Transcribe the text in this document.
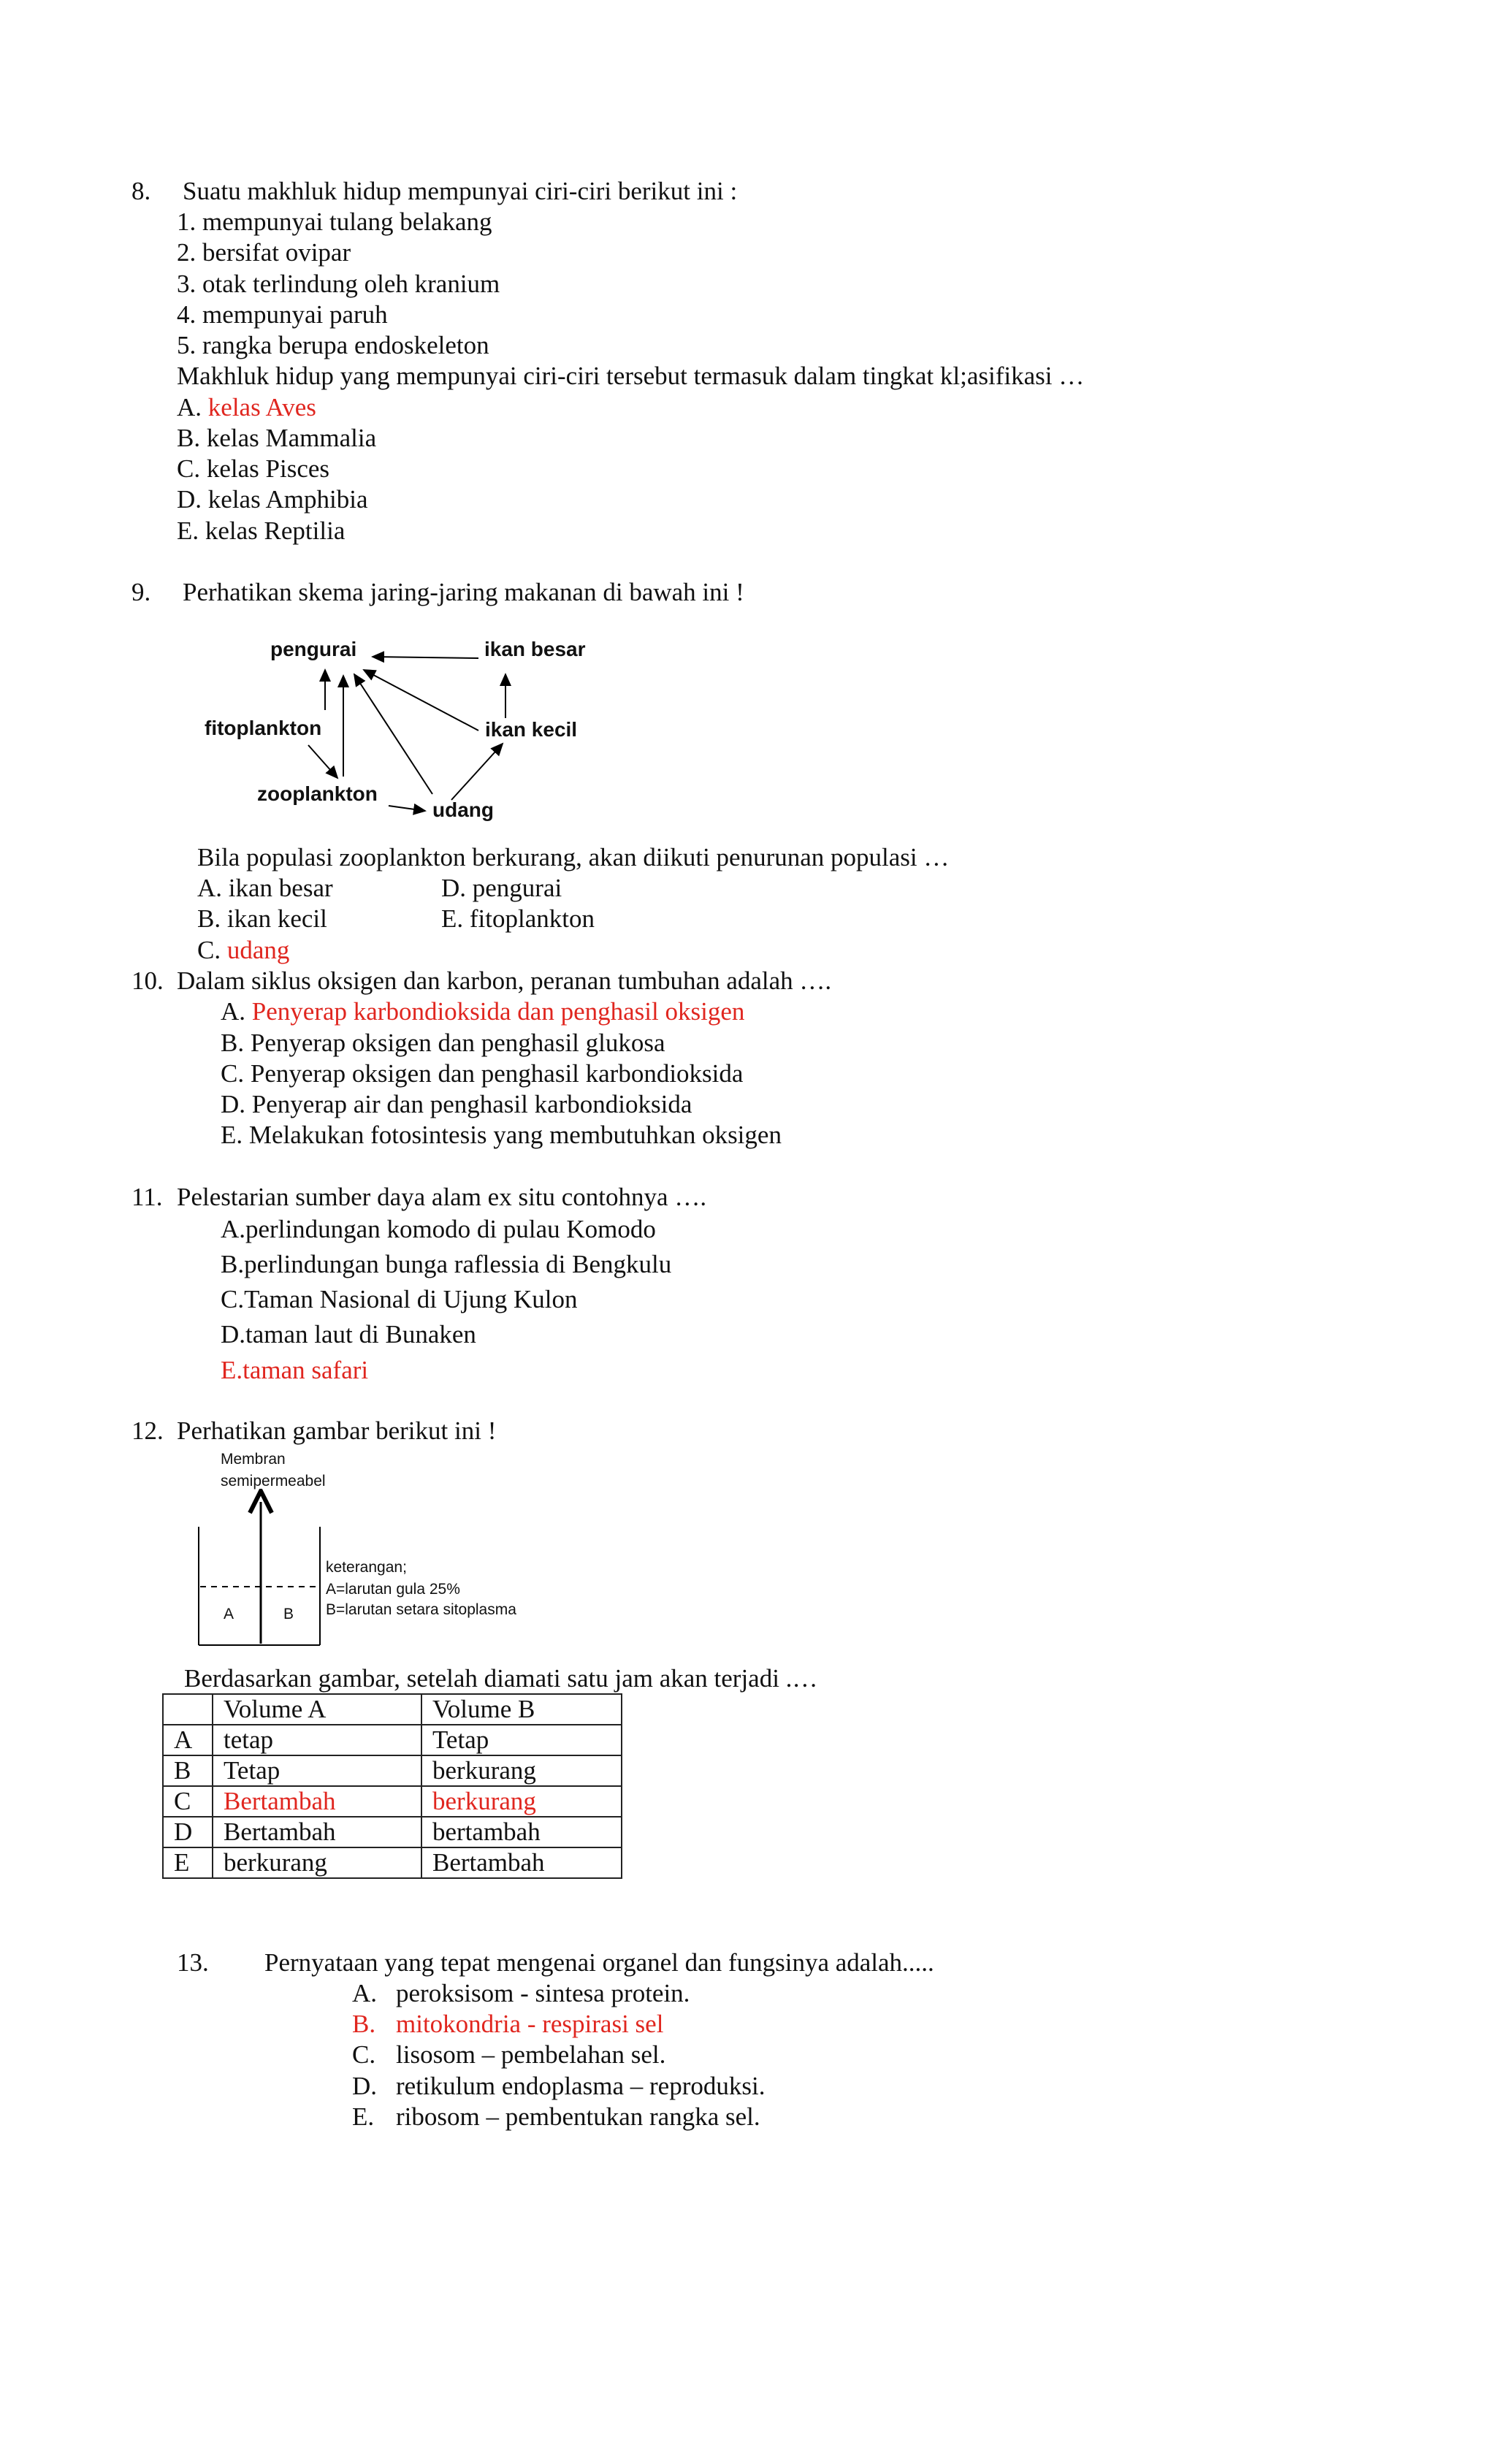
8. Suatu makhluk hidup mempunyai ciri-ciri berikut ini :
1. mempunyai tulang belakang
2. bersifat ovipar
3. otak terlindung oleh kranium
4. mempunyai paruh
5. rangka berupa endoskeleton
Makhluk hidup yang mempunyai ciri-ciri tersebut termasuk dalam tingkat kl;asifikasi …
A. kelas Aves
B. kelas Mammalia
C. kelas Pisces
D. kelas Amphibia
E. kelas Reptilia
9. Perhatikan skema jaring-jaring makanan di bawah ini !
pengurai	ikan besar
fitoplankton	ikan kecil
zooplankton
udang
Bila populasi zooplankton berkurang, akan diikuti penurunan populasi …
A. ikan besar	D. pengurai
B. ikan kecil	E. fitoplankton
C. udang
10. Dalam siklus oksigen dan karbon, peranan tumbuhan adalah ….
A. Penyerap karbondioksida dan penghasil oksigen
B. Penyerap oksigen dan penghasil glukosa
C. Penyerap oksigen dan penghasil karbondioksida
D. Penyerap air dan penghasil karbondioksida
E. Melakukan fotosintesis yang membutuhkan oksigen
11. Pelestarian sumber daya alam ex situ contohnya ….
A.perlindungan komodo di pulau Komodo
B.perlindungan bunga raflessia di Bengkulu
C.Taman Nasional di Ujung Kulon
D.taman laut di Bunaken
E.taman safari
12. Perhatikan gambar berikut ini !
Membran
semipermeabel
A	B
keterangan;
A=larutan gula 25%
B=larutan setara sitoplasma
Berdasarkan gambar, setelah diamati satu jam akan terjadi .…
	Volume A	Volume B
A	tetap	Tetap
B	Tetap	berkurang
C	Bertambah	berkurang
D	Bertambah	bertambah
E	berkurang	Bertambah
13. Pernyataan yang tepat mengenai organel dan fungsinya adalah.....
A. peroksisom - sintesa protein.
B. mitokondria - respirasi sel
C. lisosom – pembelahan sel.
D. retikulum endoplasma – reproduksi.
E. ribosom – pembentukan rangka sel.
